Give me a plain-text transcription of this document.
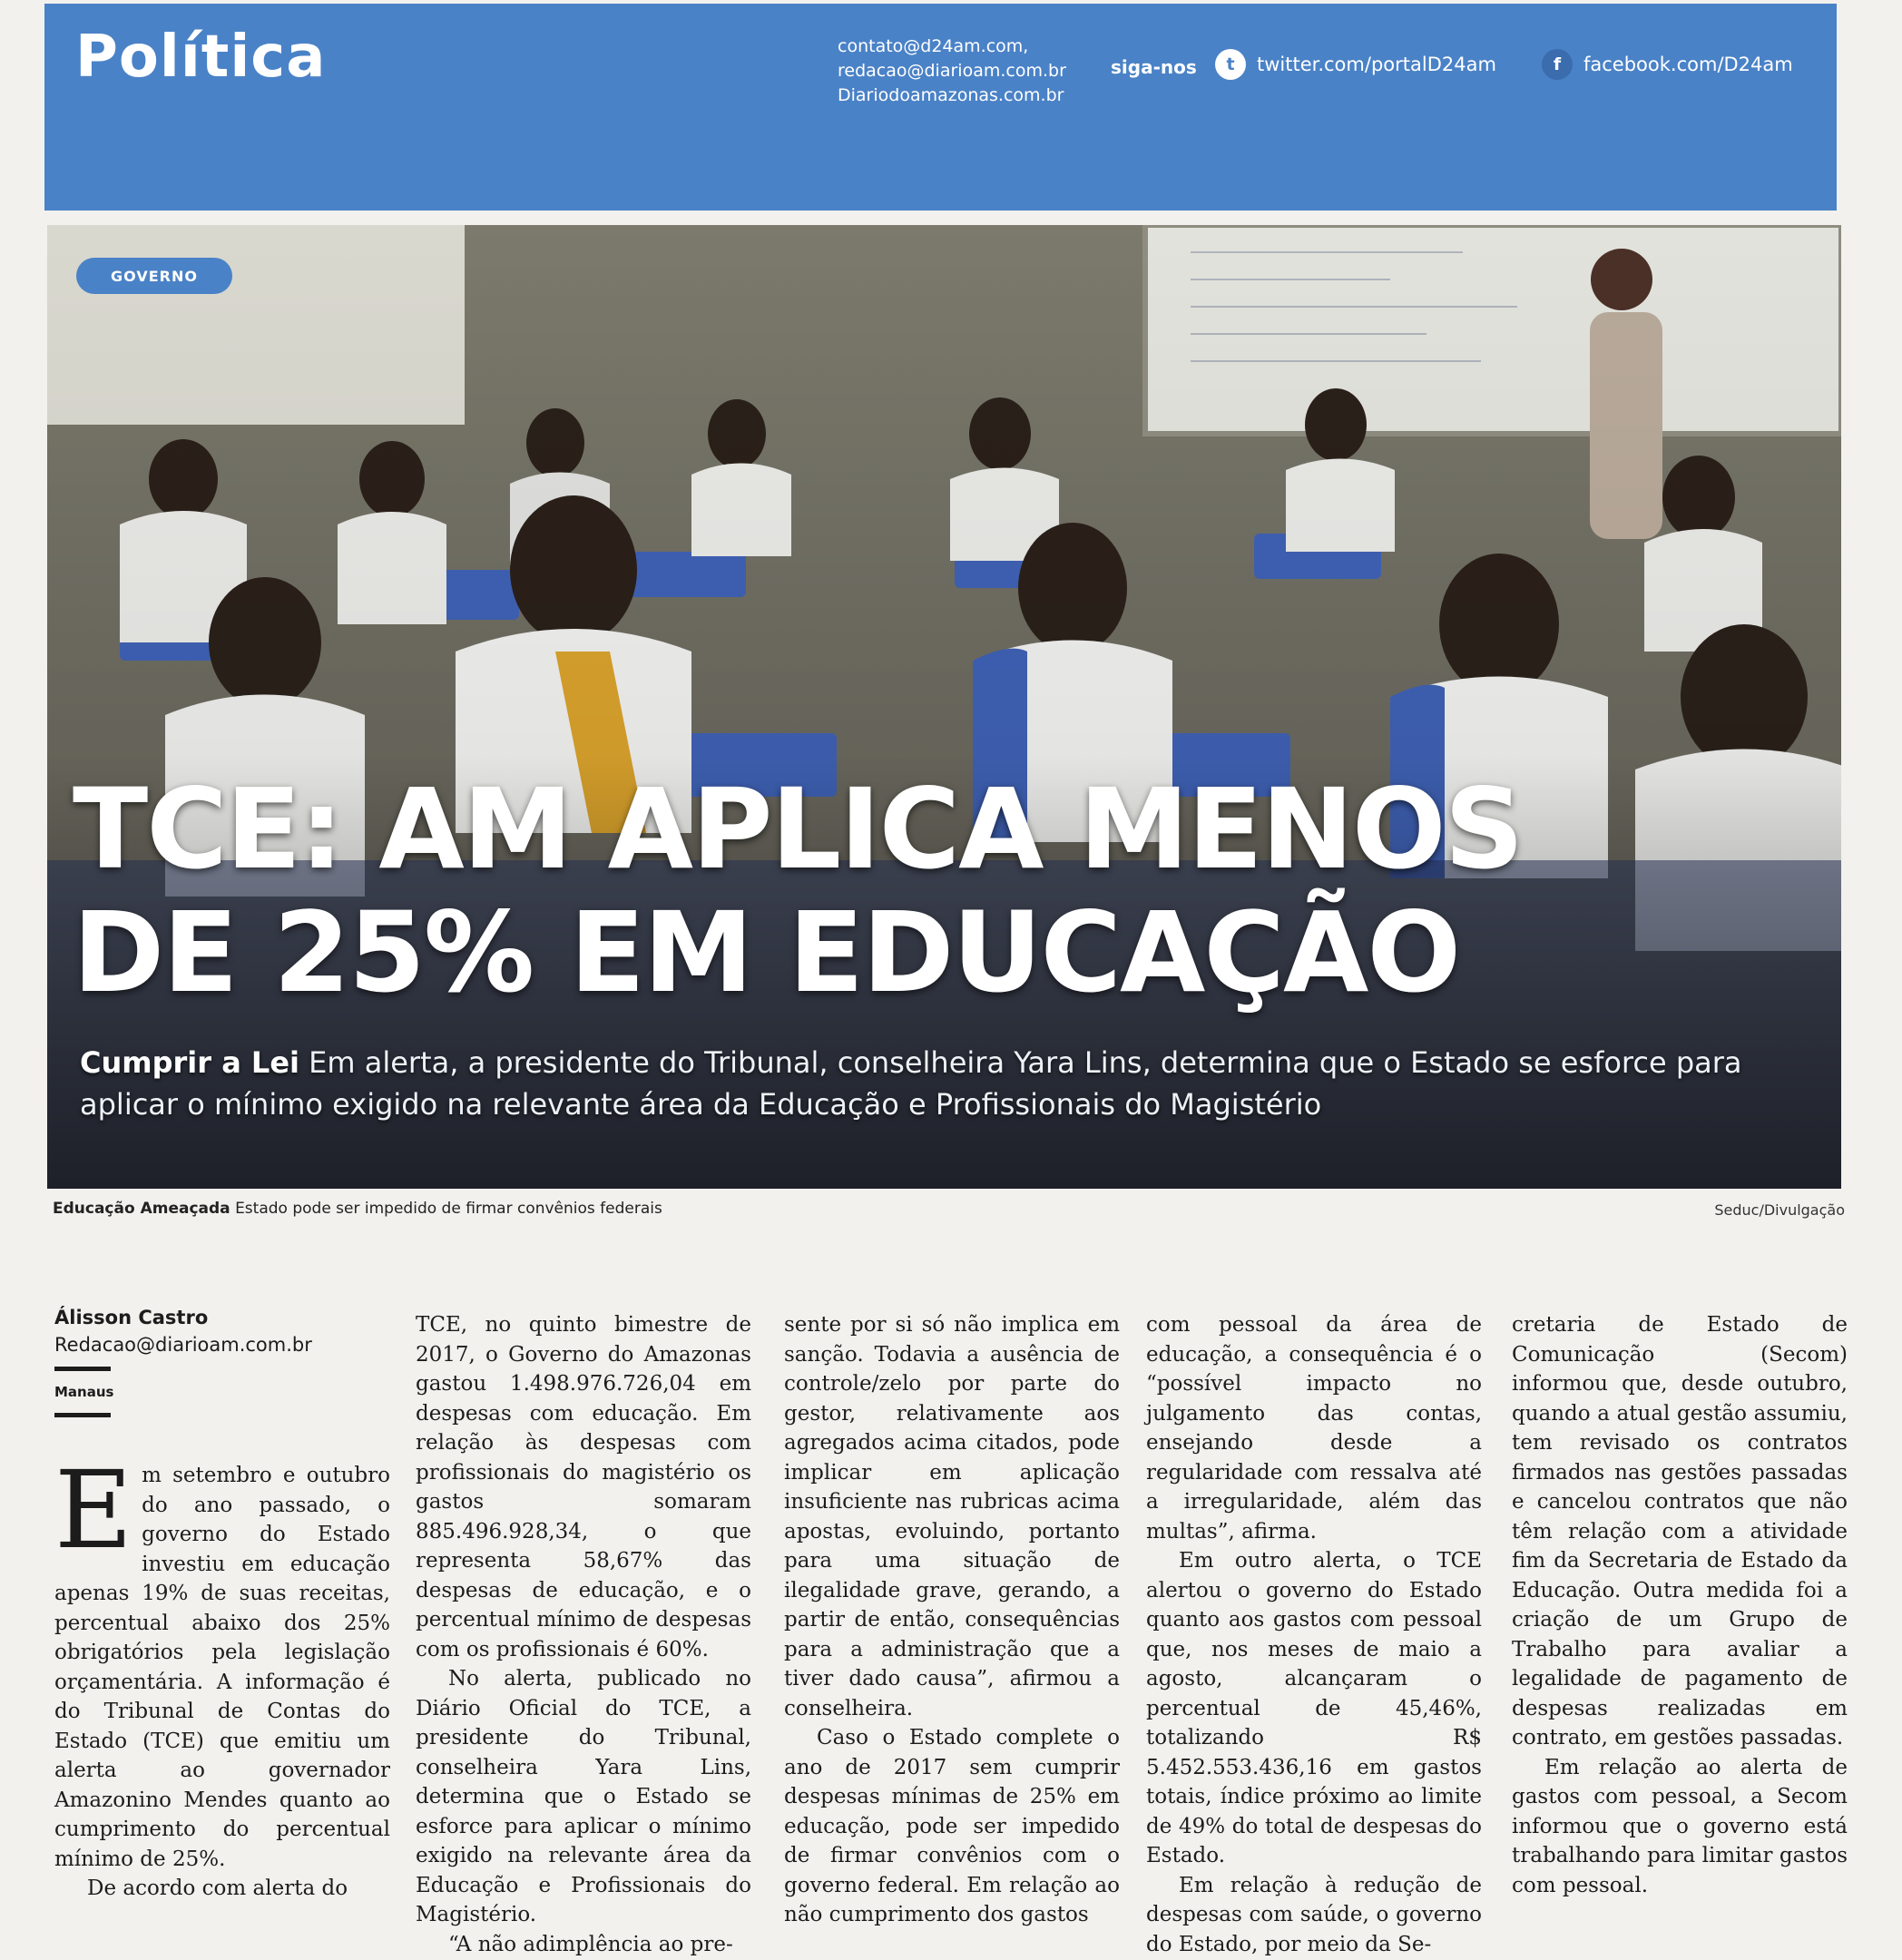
Política	contato@d24am.com,
redacao@diarioam.com.br
Diariodoamazonas.com.br
siga-nos	t	twitter.com/portalD24am	f	facebook.com/D24am
GOVERNO
TCE: AM APLICA MENOS
DE 25% EM EDUCAÇÃO
Cumprir a Lei Em alerta, a presidente do Tribunal, conselheira Yara Lins, determina que o Estado se esforce para aplicar o mínimo exigido na relevante área da Educação e Profissionais do Magistério
Educação Ameaçada Estado pode ser impedido de firmar convênios federais	Seduc/Divulgação

Álisson Castro

Redacao@diarioam.com.br

Manaus

Em setembro e outubro do ano passado, o governo do Estado investiu em educação apenas 19% de suas receitas, percentual abaixo dos 25% obrigatórios pela legislação orçamentária. A informação é do Tribunal de Contas do Estado (TCE) que emitiu um alerta ao governador Amazonino Mendes quanto ao cumprimento do percentual mínimo de 25%.

De acordo com alerta do

TCE, no quinto bimestre de 2017, o Governo do Amazonas gastou 1.498.976.726,04 em despesas com educação. Em relação às despesas com profissionais do magistério os gastos somaram 885.496.928,34, o que representa 58,67% das despesas de educação, e o percentual mínimo de despesas com os profissionais é 60%.

No alerta, publicado no Diário Oficial do TCE, a presidente do Tribunal, conselheira Yara Lins, determina que o Estado se esforce para aplicar o mínimo exigido na relevante área da Educação e Profissionais do Magistério.

“A não adimplência ao pre-

sente por si só não implica em sanção. Todavia a ausência de controle/zelo por parte do gestor, relativamente aos agregados acima citados, pode implicar em aplicação insuficiente nas rubricas acima apostas, evoluindo, portanto para uma situação de ilegalidade grave, gerando, a partir de então, consequências para a administração que a tiver dado causa”, afirmou a conselheira.

Caso o Estado complete o ano de 2017 sem cumprir despesas mínimas de 25% em educação, pode ser impedido de firmar convênios com o governo federal. Em relação ao não cumprimento dos gastos

com pessoal da área de educação, a consequência é o “possível impacto no julgamento das contas, ensejando desde a regularidade com ressalva até a irregularidade, além das multas”, afirma.

Em outro alerta, o TCE alertou o governo do Estado quanto aos gastos com pessoal que, nos meses de maio a agosto, alcançaram o percentual de 45,46%, totalizando R$ 5.452.553.436,16 em gastos totais, índice próximo ao limite de 49% do total de despesas do Estado.

Em relação à redução de despesas com saúde, o governo do Estado, por meio da Se-

cretaria de Estado de Comunicação (Secom) informou que, desde outubro, quando a atual gestão assumiu, tem revisado os contratos firmados nas gestões passadas e cancelou contratos que não têm relação com a atividade fim da Secretaria de Estado da Educação. Outra medida foi a criação de um Grupo de Trabalho para avaliar a legalidade de pagamento de despesas realizadas em contrato, em gestões passadas.

Em relação ao alerta de gastos com pessoal, a Secom informou que o governo está trabalhando para limitar gastos com pessoal.
